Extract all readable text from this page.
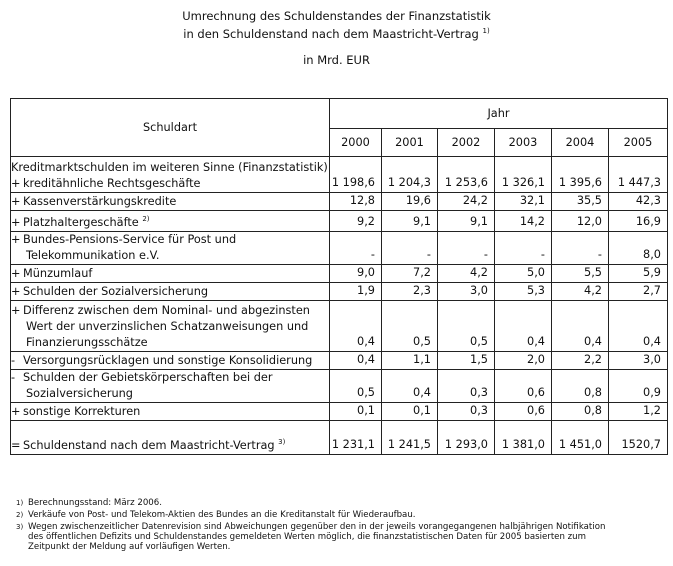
Umrechnung des Schuldenstandes der Finanzstatistik
in den Schuldenstand nach dem Maastricht-Vertrag $^{1)}$
in Mrd. EUR
Schuldart	Jahr					
	2000	2001	2002	2003	2004	2005

Kreditmarktschulden im weiteren Sinne (Finanzstatistik)
+ kreditähnliche Rechtsgeschäfte	1 198,6	1 204,3	1 253,6	1 326,1	1 395,6	1 447,3
+ Kassenverstärkungskredite	12,8	19,6	24,2	32,1	35,5	42,3
+ Platzhaltergeschäfte $^{2)}$	9,2	9,1	9,1	14,2	12,0	16,9

+ Bundes-Pensions-Service für Post und
Telekommunikation e.V.	-	-	-	-	-	8,0
+ Münzumlauf	9,0	7,2	4,2	5,0	5,5	5,9
+ Schulden der Sozialversicherung	1,9	2,3	3,0	5,3	4,2	2,7

+ Differenz zwischen dem Nominal- und abgezinsten
Wert der unverzinslichen Schatzanweisungen und
Finanzierungsschätze	0,4	0,5	0,5	0,4	0,4	0,4
- Versorgungsrücklagen und sonstige Konsolidierung	0,4	1,1	1,5	2,0	2,2	3,0

- Schulden der Gebietskörperschaften bei der
Sozialversicherung	0,5	0,4	0,3	0,6	0,8	0,9
+ sonstige Korrekturen	0,1	0,1	0,3	0,6	0,8	1,2
= Schuldenstand nach dem Maastricht-Vertrag $^{3)}$	1 231,1	1 241,5	1 293,0	1 381,0	1 451,0	1520,7
$^{1)}$ Berechnungsstand: März 2006.
$^{2)}$ Verkäufe von Post- und Telekom-Aktien des Bundes an die Kreditanstalt für Wiederaufbau.
$^{3)}$ Wegen zwischenzeitlicher Datenrevision sind Abweichungen gegenüber den in der jeweils vorangegangenen halbjährigen Notifikation
des öffentlichen Defizits und Schuldenstandes gemeldeten Werten möglich, die finanzstatistischen Daten für 2005 basierten zum
Zeitpunkt der Meldung auf vorläufigen Werten.
